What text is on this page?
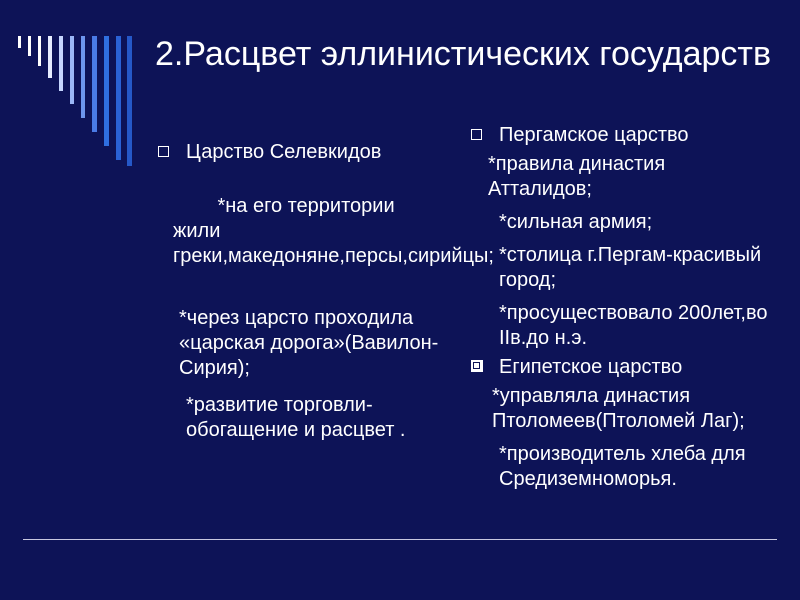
2.Расцвет эллинистических государств
Царство Селевкидов

*на его территории жили греки,македоняне,персы,сирийцы;

*через царсто проходила «царская дорога»(Вавилон-Сирия);
*развитие торговли-обогащение и расцвет .
Пергамское царство
*правила династия Атталидов;
*сильная армия;
*столица г.Пергам-красивый город;
*просуществовало 200лет,во IIв.до н.э.
Египетское царство
*управляла династия Птоломеев(Птоломей Лаг);
*производитель хлеба для Средиземноморья.
